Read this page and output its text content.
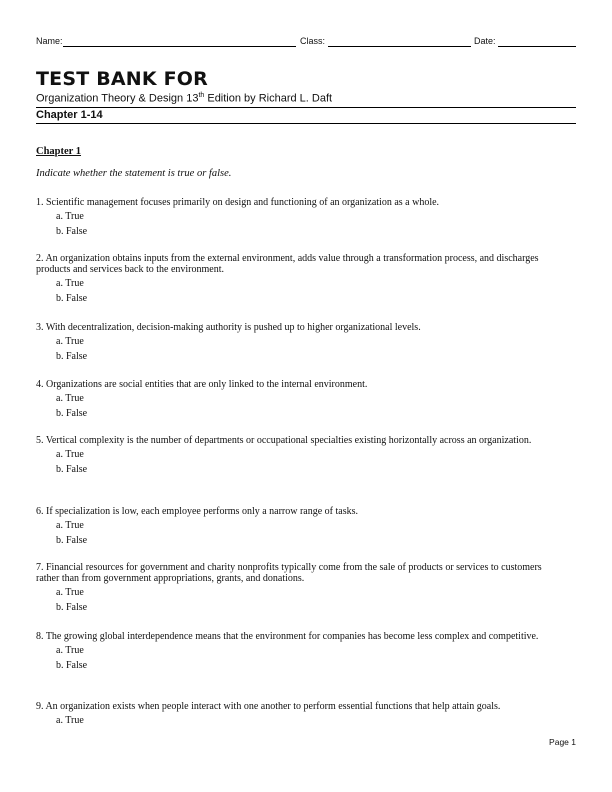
Name:	Class:	Date:
TEST BANK FOR
Organization Theory & Design 13th Edition by Richard L. Daft
Chapter 1-14
Chapter 1
Indicate whether the statement is true or false.
1. Scientific management focuses primarily on design and functioning of an organization as a whole.
a. True
b. False
2. An organization obtains inputs from the external environment, adds value through a transformation process, and discharges products and services back to the environment.
a. True
b. False
3. With decentralization, decision-making authority is pushed up to higher organizational levels.
a. True
b. False
4. Organizations are social entities that are only linked to the internal environment.
a. True
b. False
5. Vertical complexity is the number of departments or occupational specialties existing horizontally across an organization.
a. True
b. False
6. If specialization is low, each employee performs only a narrow range of tasks.
a. True
b. False
7. Financial resources for government and charity nonprofits typically come from the sale of products or services to customers rather than from government appropriations, grants, and donations.
a. True
b. False
8. The growing global interdependence means that the environment for companies has become less complex and competitive.
a. True
b. False
9. An organization exists when people interact with one another to perform essential functions that help attain goals.
a. True
Page 1
